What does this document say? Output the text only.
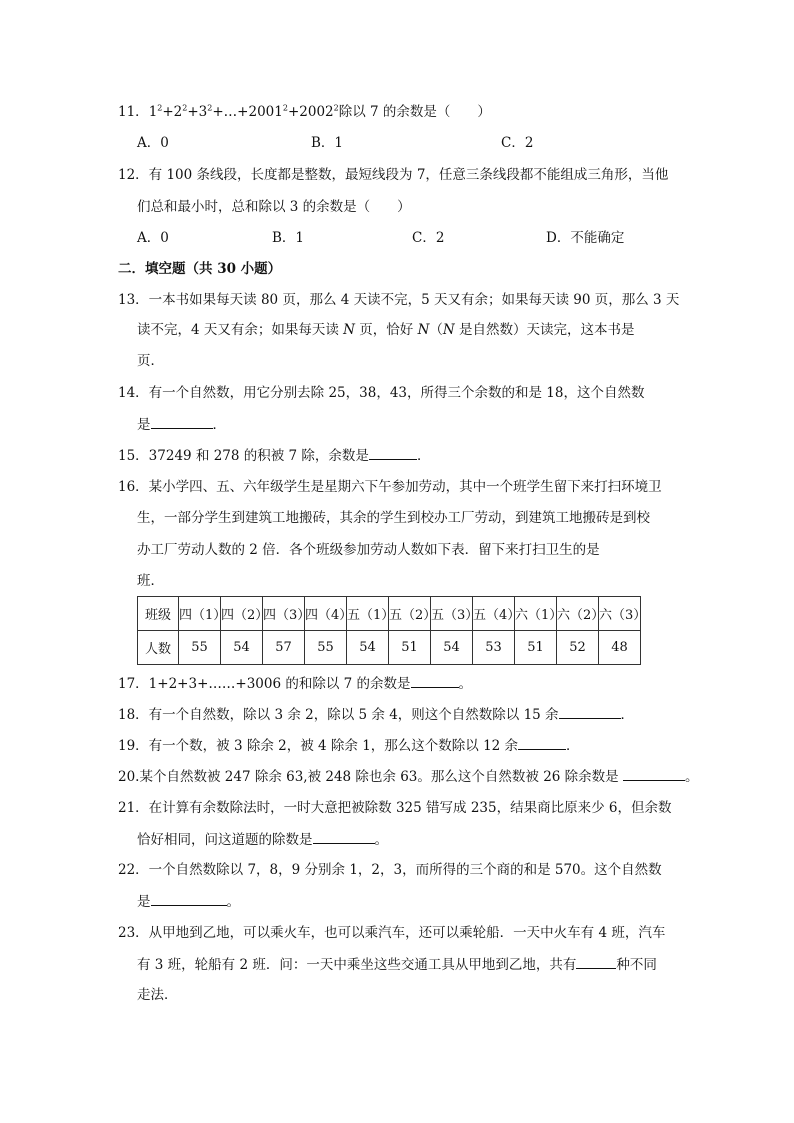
11．$1^2+2^2+3^2+\dots+2001^2+2002^2$除以 7 的余数是（　　）
A．0	B．1	C．2
12．有 100 条线段，长度都是整数，最短线段为 7，任意三条线段都不能组成三角形，当他
们总和最小时，总和除以 3 的余数是（　　）
A．0	B．1	C．2	D．不能确定
二．填空题（共 30 小题）
13．一本书如果每天读 80 页，那么 4 天读不完，5 天又有余；如果每天读 90 页，那么 3 天
读不完，4 天又有余；如果每天读 N 页，恰好 N（N 是自然数）天读完，这本书是
页．
14．有一个自然数，用它分别去除 25，38，43，所得三个余数的和是 18，这个自然数
是	．
15．37249 和 278 的积被 7 除，余数是	．
16．某小学四、五、六年级学生是星期六下午参加劳动，其中一个班学生留下来打扫环境卫
生，一部分学生到建筑工地搬砖，其余的学生到校办工厂劳动，到建筑工地搬砖是到校
办工厂劳动人数的 2 倍．各个班级参加劳动人数如下表．留下来打扫卫生的是
班．
班级	四（1）	四（2）	四（3）	四（4）	五（1）	五（2）	五（3）	五（4）	六（1）	六（2）	六（3）
人数	55	54	57	55	54	51	54	53	51	52	48
17．1+2+3+……+3006 的和除以 7 的余数是	。
18．有一个自然数，除以 3 余 2，除以 5 余 4，则这个自然数除以 15 余	．
19．有一个数，被 3 除余 2，被 4 除余 1，那么这个数除以 12 余	．
20.某个自然数被 247 除余 63,被 248 除也余 63。那么这个自然数被 26 除余数是	。
21．在计算有余数除法时，一时大意把被除数 325 错写成 235，结果商比原来少 6，但余数
恰好相同，问这道题的除数是	。
22．一个自然数除以 7，8，9 分别余 1，2，3，而所得的三个商的和是 570。这个自然数
是	。
23．从甲地到乙地，可以乘火车，也可以乘汽车，还可以乘轮船．一天中火车有 4 班，汽车
有 3 班，轮船有 2 班．问：一天中乘坐这些交通工具从甲地到乙地，共有	种不同
走法．
